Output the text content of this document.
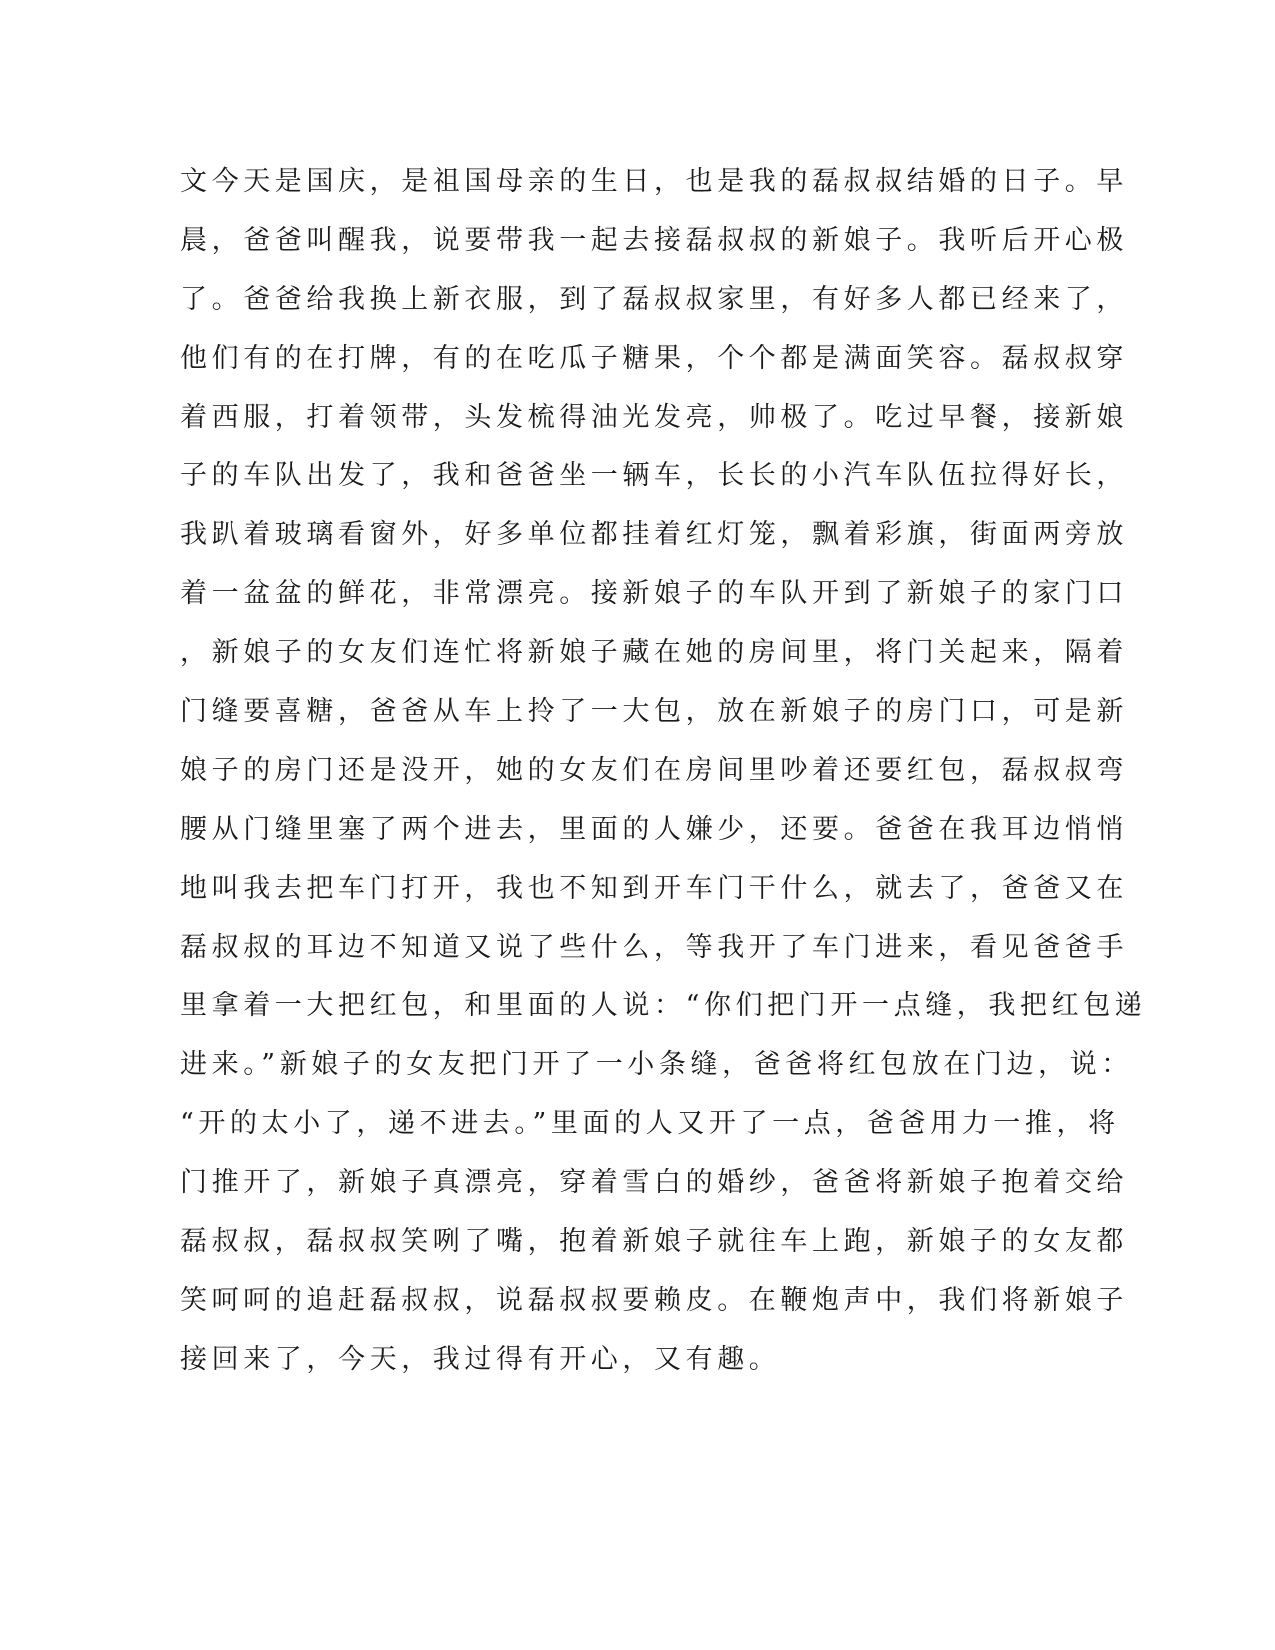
文今天是国庆，是祖国母亲的生日，也是我的磊叔叔结婚的日子。早
晨，爸爸叫醒我，说要带我一起去接磊叔叔的新娘子。我听后开心极
了。爸爸给我换上新衣服，到了磊叔叔家里，有好多人都已经来了，
他们有的在打牌，有的在吃瓜子糖果，个个都是满面笑容。磊叔叔穿
着西服，打着领带，头发梳得油光发亮，帅极了。吃过早餐，接新娘
子的车队出发了，我和爸爸坐一辆车，长长的小汽车队伍拉得好长，
我趴着玻璃看窗外，好多单位都挂着红灯笼，飘着彩旗，街面两旁放
着一盆盆的鲜花，非常漂亮。接新娘子的车队开到了新娘子的家门口
，新娘子的女友们连忙将新娘子藏在她的房间里，将门关起来，隔着
门缝要喜糖，爸爸从车上拎了一大包，放在新娘子的房门口，可是新
娘子的房门还是没开，她的女友们在房间里吵着还要红包，磊叔叔弯
腰从门缝里塞了两个进去，里面的人嫌少，还要。爸爸在我耳边悄悄
地叫我去把车门打开，我也不知到开车门干什么，就去了，爸爸又在
磊叔叔的耳边不知道又说了些什么，等我开了车门进来，看见爸爸手
里拿着一大把红包，和里面的人说：“你们把门开一点缝，我把红包递
进来。”新娘子的女友把门开了一小条缝，爸爸将红包放在门边，说：
“开的太小了，递不进去。”里面的人又开了一点，爸爸用力一推，将
门推开了，新娘子真漂亮，穿着雪白的婚纱，爸爸将新娘子抱着交给
磊叔叔，磊叔叔笑咧了嘴，抱着新娘子就往车上跑，新娘子的女友都
笑呵呵的追赶磊叔叔，说磊叔叔要赖皮。在鞭炮声中，我们将新娘子
接回来了，今天，我过得有开心，又有趣。
